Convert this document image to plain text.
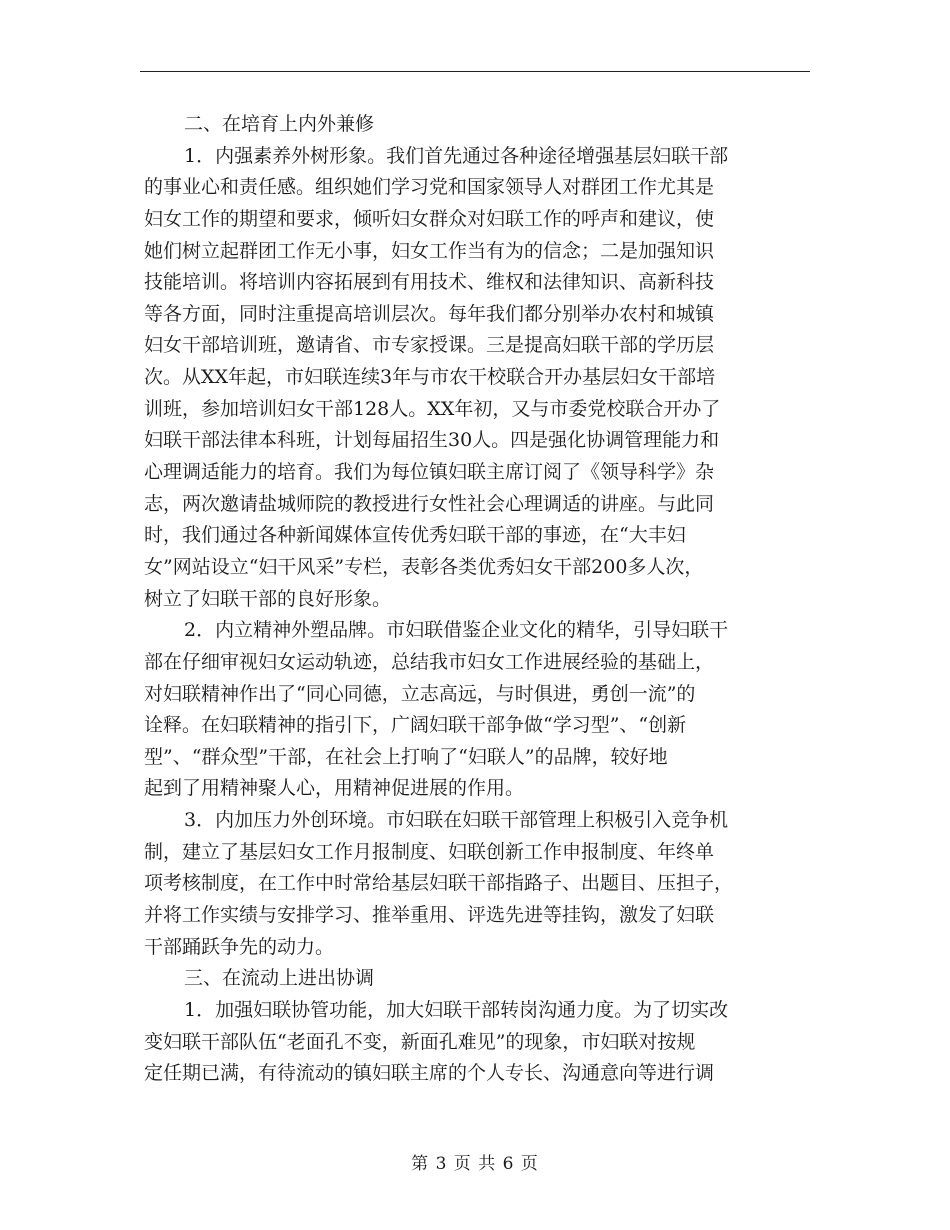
二、在培育上内外兼修
1．内强素养外树形象。我们首先通过各种途径增强基层妇联干部
的事业心和责任感。组织她们学习党和国家领导人对群团工作尤其是
妇女工作的期望和要求，倾听妇女群众对妇联工作的呼声和建议，使
她们树立起群团工作无小事，妇女工作当有为的信念；二是加强知识
技能培训。将培训内容拓展到有用技术、维权和法律知识、高新科技
等各方面，同时注重提高培训层次。每年我们都分别举办农村和城镇
妇女干部培训班，邀请省、市专家授课。三是提高妇联干部的学历层
次。从XX年起，市妇联连续3年与市农干校联合开办基层妇女干部培
训班，参加培训妇女干部128人。XX年初，又与市委党校联合开办了
妇联干部法律本科班，计划每届招生30人。四是强化协调管理能力和
心理调适能力的培育。我们为每位镇妇联主席订阅了《领导科学》杂
志，两次邀请盐城师院的教授进行女性社会心理调适的讲座。与此同
时，我们通过各种新闻媒体宣传优秀妇联干部的事迹，在“大丰妇
女”网站设立“妇干风采”专栏，表彰各类优秀妇女干部200多人次，
树立了妇联干部的良好形象。
2．内立精神外塑品牌。市妇联借鉴企业文化的精华，引导妇联干
部在仔细审视妇女运动轨迹，总结我市妇女工作进展经验的基础上，
对妇联精神作出了“同心同德，立志高远，与时俱进，勇创一流”的
诠释。在妇联精神的指引下，广阔妇联干部争做“学习型”、“创新
型”、“群众型”干部，在社会上打响了“妇联人”的品牌，较好地
起到了用精神聚人心，用精神促进展的作用。
3．内加压力外创环境。市妇联在妇联干部管理上积极引入竞争机
制，建立了基层妇女工作月报制度、妇联创新工作申报制度、年终单
项考核制度，在工作中时常给基层妇联干部指路子、出题目、压担子，
并将工作实绩与安排学习、推举重用、评选先进等挂钩，激发了妇联
干部踊跃争先的动力。
三、在流动上进出协调
1．加强妇联协管功能，加大妇联干部转岗沟通力度。为了切实改
变妇联干部队伍“老面孔不变，新面孔难见”的现象，市妇联对按规
定任期已满，有待流动的镇妇联主席的个人专长、沟通意向等进行调
第 3 页 共 6 页
